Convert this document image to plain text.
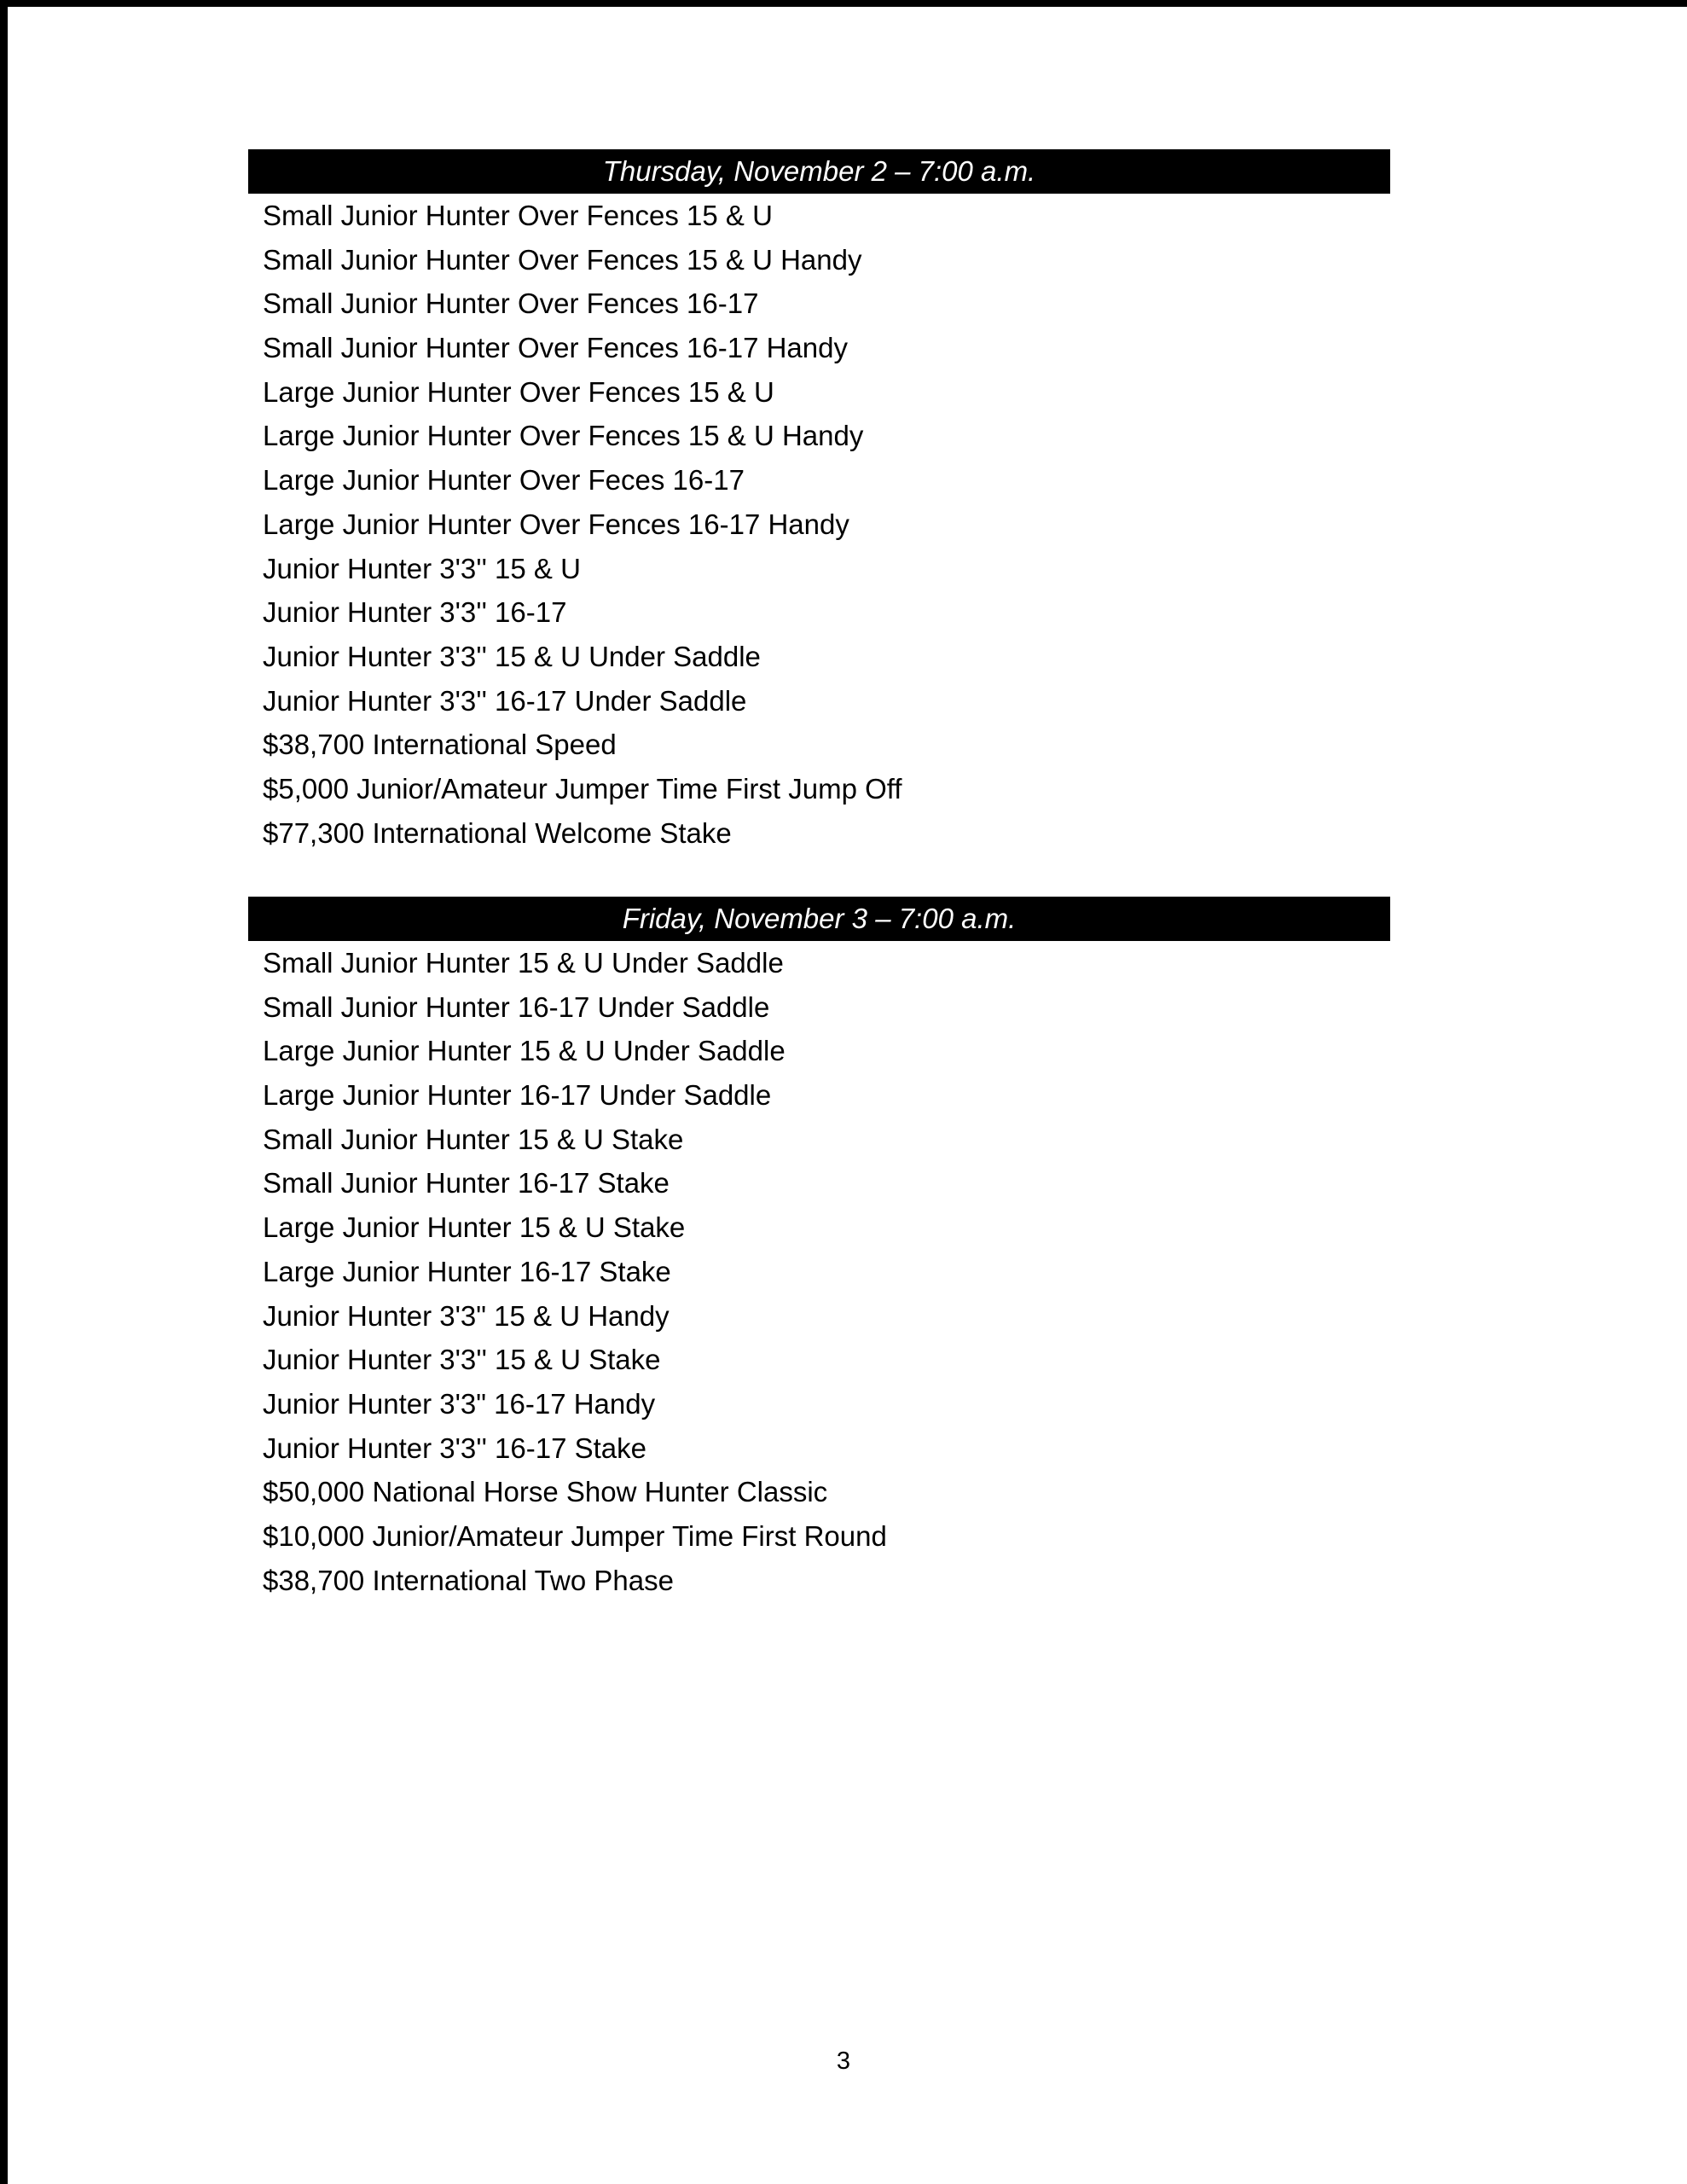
Thursday, November 2 – 7:00 a.m.
Small Junior Hunter Over Fences 15 & U
Small Junior Hunter Over Fences 15 & U Handy
Small Junior Hunter Over Fences 16-17
Small Junior Hunter Over Fences 16-17 Handy
Large Junior Hunter Over Fences 15 & U
Large Junior Hunter Over Fences 15 & U Handy
Large Junior Hunter Over Feces 16-17
Large Junior Hunter Over Fences 16-17 Handy
Junior Hunter 3'3'' 15 & U
Junior Hunter 3'3'' 16-17
Junior Hunter 3'3'' 15 & U Under Saddle
Junior Hunter 3'3'' 16-17 Under Saddle
$38,700 International Speed
$5,000 Junior/Amateur Jumper Time First Jump Off
$77,300 International Welcome Stake
Friday, November 3 – 7:00 a.m.
Small Junior Hunter 15 & U Under Saddle
Small Junior Hunter 16-17 Under Saddle
Large Junior Hunter 15 & U Under Saddle
Large Junior Hunter 16-17 Under Saddle
Small Junior Hunter 15 & U Stake
Small Junior Hunter 16-17 Stake
Large Junior Hunter 15 & U Stake
Large Junior Hunter 16-17 Stake
Junior Hunter 3'3" 15 & U Handy
Junior Hunter 3'3'' 15 & U Stake
Junior Hunter 3'3" 16-17 Handy
Junior Hunter 3'3'' 16-17 Stake
$50,000 National Horse Show Hunter Classic
$10,000 Junior/Amateur Jumper Time First Round
$38,700 International Two Phase
3
